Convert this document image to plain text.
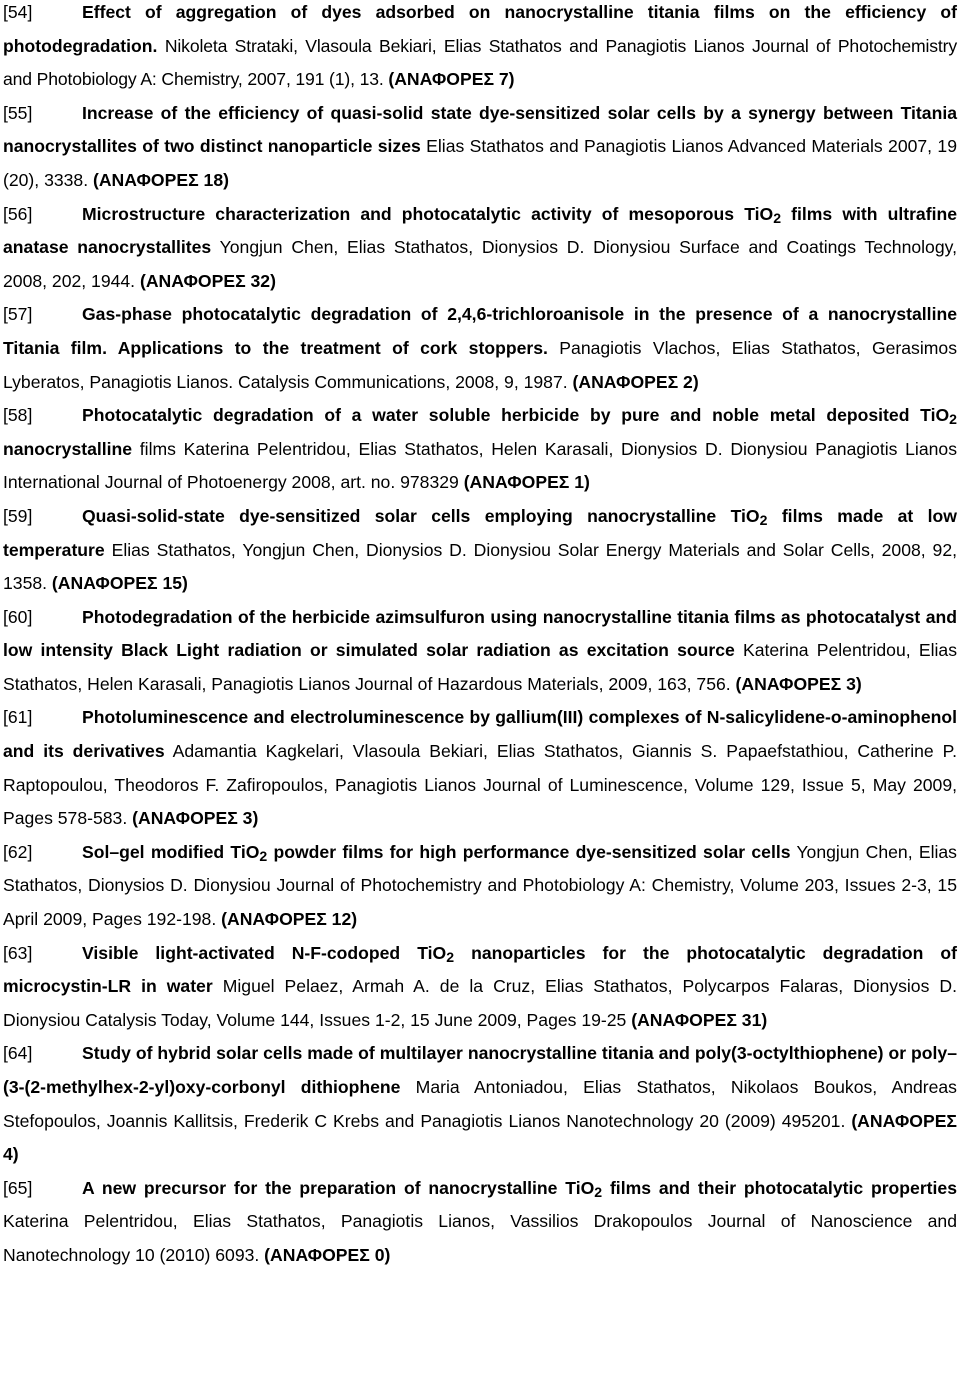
[54]	Effect of aggregation of dyes adsorbed on nanocrystalline titania films on the efficiency of photodegradation. Nikoleta Strataki, Vlasoula Bekiari, Elias Stathatos and Panagiotis Lianos Journal of Photochemistry and Photobiology A: Chemistry, 2007, 191 (1), 13. (ΑΝΑΦΟΡΕΣ 7)

[55]	Increase of the efficiency of quasi-solid state dye-sensitized solar cells by a synergy between Titania nanocrystallites of two distinct nanoparticle sizes Elias Stathatos and Panagiotis Lianos Advanced Materials 2007, 19 (20), 3338. (ΑΝΑΦΟΡΕΣ 18)

[56]	Microstructure characterization and photocatalytic activity of mesoporous TiO$_2$ films with ultrafine anatase nanocrystallites Yongjun Chen, Elias Stathatos, Dionysios D. Dionysiou Surface and Coatings Technology, 2008, 202, 1944. (ΑΝΑΦΟΡΕΣ 32)

[57]	Gas-phase photocatalytic degradation of 2,4,6-trichloroanisole in the presence of a nanocrystalline Titania film. Applications to the treatment of cork stoppers. Panagiotis Vlachos, Elias Stathatos, Gerasimos Lyberatos, Panagiotis Lianos. Catalysis Communications, 2008, 9, 1987. (ΑΝΑΦΟΡΕΣ 2)

[58]	Photocatalytic degradation of a water soluble herbicide by pure and noble metal deposited TiO$_2$ nanocrystalline films Katerina Pelentridou, Elias Stathatos, Helen Karasali, Dionysios D. Dionysiou Panagiotis Lianos International Journal of Photoenergy 2008, art. no. 978329 (ΑΝΑΦΟΡΕΣ 1)

[59]	Quasi-solid-state dye-sensitized solar cells employing nanocrystalline TiO$_2$ films made at low temperature Elias Stathatos, Yongjun Chen, Dionysios D. Dionysiou Solar Energy Materials and Solar Cells, 2008, 92, 1358. (ΑΝΑΦΟΡΕΣ 15)

[60]	Photodegradation of the herbicide azimsulfuron using nanocrystalline titania films as photocatalyst and low intensity Black Light radiation or simulated solar radiation as excitation source Katerina Pelentridou, Elias Stathatos, Helen Karasali, Panagiotis Lianos Journal of Hazardous Materials, 2009, 163, 756. (ΑΝΑΦΟΡΕΣ 3)

[61]	Photoluminescence and electroluminescence by gallium(III) complexes of N-salicylidene-o-aminophenol and its derivatives Adamantia Kagkelari, Vlasoula Bekiari, Elias Stathatos, Giannis S. Papaefstathiou, Catherine P. Raptopoulou, Theodoros F. Zafiropoulos, Panagiotis Lianos Journal of Luminescence, Volume 129, Issue 5, May 2009, Pages 578-583. (ΑΝΑΦΟΡΕΣ 3)

[62]	Sol–gel modified TiO$_2$ powder films for high performance dye-sensitized solar cells Yongjun Chen, Elias Stathatos, Dionysios D. Dionysiou Journal of Photochemistry and Photobiology A: Chemistry, Volume 203, Issues 2-3, 15 April 2009, Pages 192-198. (ΑΝΑΦΟΡΕΣ 12)

[63]	Visible light-activated N-F-codoped TiO$_2$ nanoparticles for the photocatalytic degradation of microcystin-LR in water Miguel Pelaez, Armah A. de la Cruz, Elias Stathatos, Polycarpos Falaras, Dionysios D. Dionysiou Catalysis Today, Volume 144, Issues 1-2, 15 June 2009, Pages 19-25 (ΑΝΑΦΟΡΕΣ 31)

[64]	Study of hybrid solar cells made of multilayer nanocrystalline titania and poly(3-octylthiophene) or poly–(3-(2-methylhex-2-yl)oxy-corbonyl dithiophene Maria Antoniadou, Elias Stathatos, Nikolaos Boukos, Andreas Stefopoulos, Joannis Kallitsis, Frederik C Krebs and Panagiotis Lianos Nanotechnology 20 (2009) 495201. (ΑΝΑΦΟΡΕΣ 4)

[65]	A new precursor for the preparation of nanocrystalline TiO$_2$ films and their photocatalytic properties Katerina Pelentridou, Elias Stathatos, Panagiotis Lianos, Vassilios Drakopoulos Journal of Nanoscience and Nanotechnology 10 (2010) 6093. (ΑΝΑΦΟΡΕΣ 0)
